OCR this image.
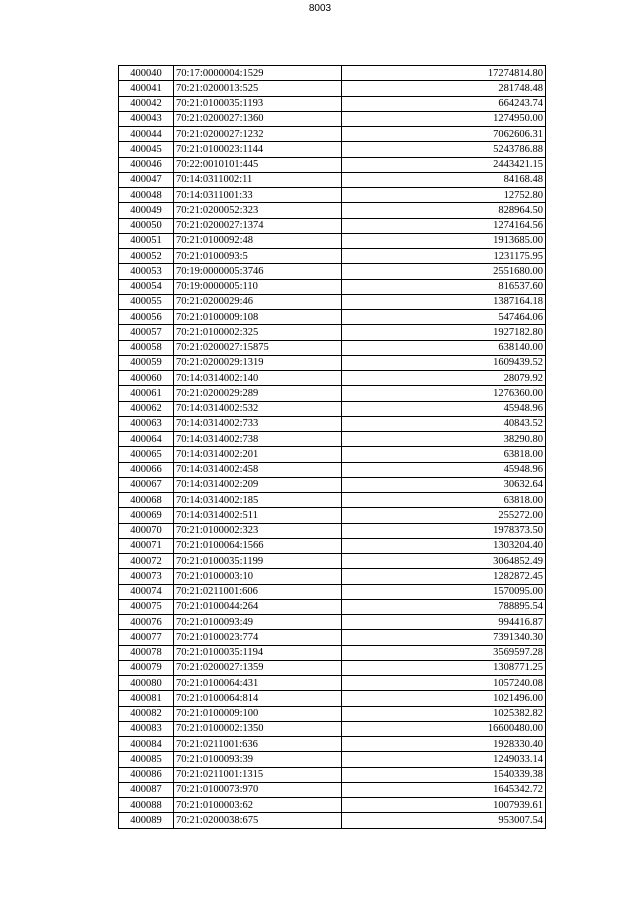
8003
400040	70:17:0000004:1529	17274814.80
400041	70:21:0200013:525	281748.48
400042	70:21:0100035:1193	664243.74
400043	70:21:0200027:1360	1274950.00
400044	70:21:0200027:1232	7062606.31
400045	70:21:0100023:1144	5243786.88
400046	70:22:0010101:445	2443421.15
400047	70:14:0311002:11	84168.48
400048	70:14:0311001:33	12752.80
400049	70:21:0200052:323	828964.50
400050	70:21:0200027:1374	1274164.56
400051	70:21:0100092:48	1913685.00
400052	70:21:0100093:5	1231175.95
400053	70:19:0000005:3746	2551680.00
400054	70:19:0000005:110	816537.60
400055	70:21:0200029:46	1387164.18
400056	70:21:0100009:108	547464.06
400057	70:21:0100002:325	1927182.80
400058	70:21:0200027:15875	638140.00
400059	70:21:0200029:1319	1609439.52
400060	70:14:0314002:140	28079.92
400061	70:21:0200029:289	1276360.00
400062	70:14:0314002:532	45948.96
400063	70:14:0314002:733	40843.52
400064	70:14:0314002:738	38290.80
400065	70:14:0314002:201	63818.00
400066	70:14:0314002:458	45948.96
400067	70:14:0314002:209	30632.64
400068	70:14:0314002:185	63818.00
400069	70:14:0314002:511	255272.00
400070	70:21:0100002:323	1978373.50
400071	70:21:0100064:1566	1303204.40
400072	70:21:0100035:1199	3064852.49
400073	70:21:0100003:10	1282872.45
400074	70:21:0211001:606	1570095.00
400075	70:21:0100044:264	788895.54
400076	70:21:0100093:49	994416.87
400077	70:21:0100023:774	7391340.30
400078	70:21:0100035:1194	3569597.28
400079	70:21:0200027:1359	1308771.25
400080	70:21:0100064:431	1057240.08
400081	70:21:0100064:814	1021496.00
400082	70:21:0100009:100	1025382.82
400083	70:21:0100002:1350	16600480.00
400084	70:21:0211001:636	1928330.40
400085	70:21:0100093:39	1249033.14
400086	70:21:0211001:1315	1540339.38
400087	70:21:0100073:970	1645342.72
400088	70:21:0100003:62	1007939.61
400089	70:21:0200038:675	953007.54
